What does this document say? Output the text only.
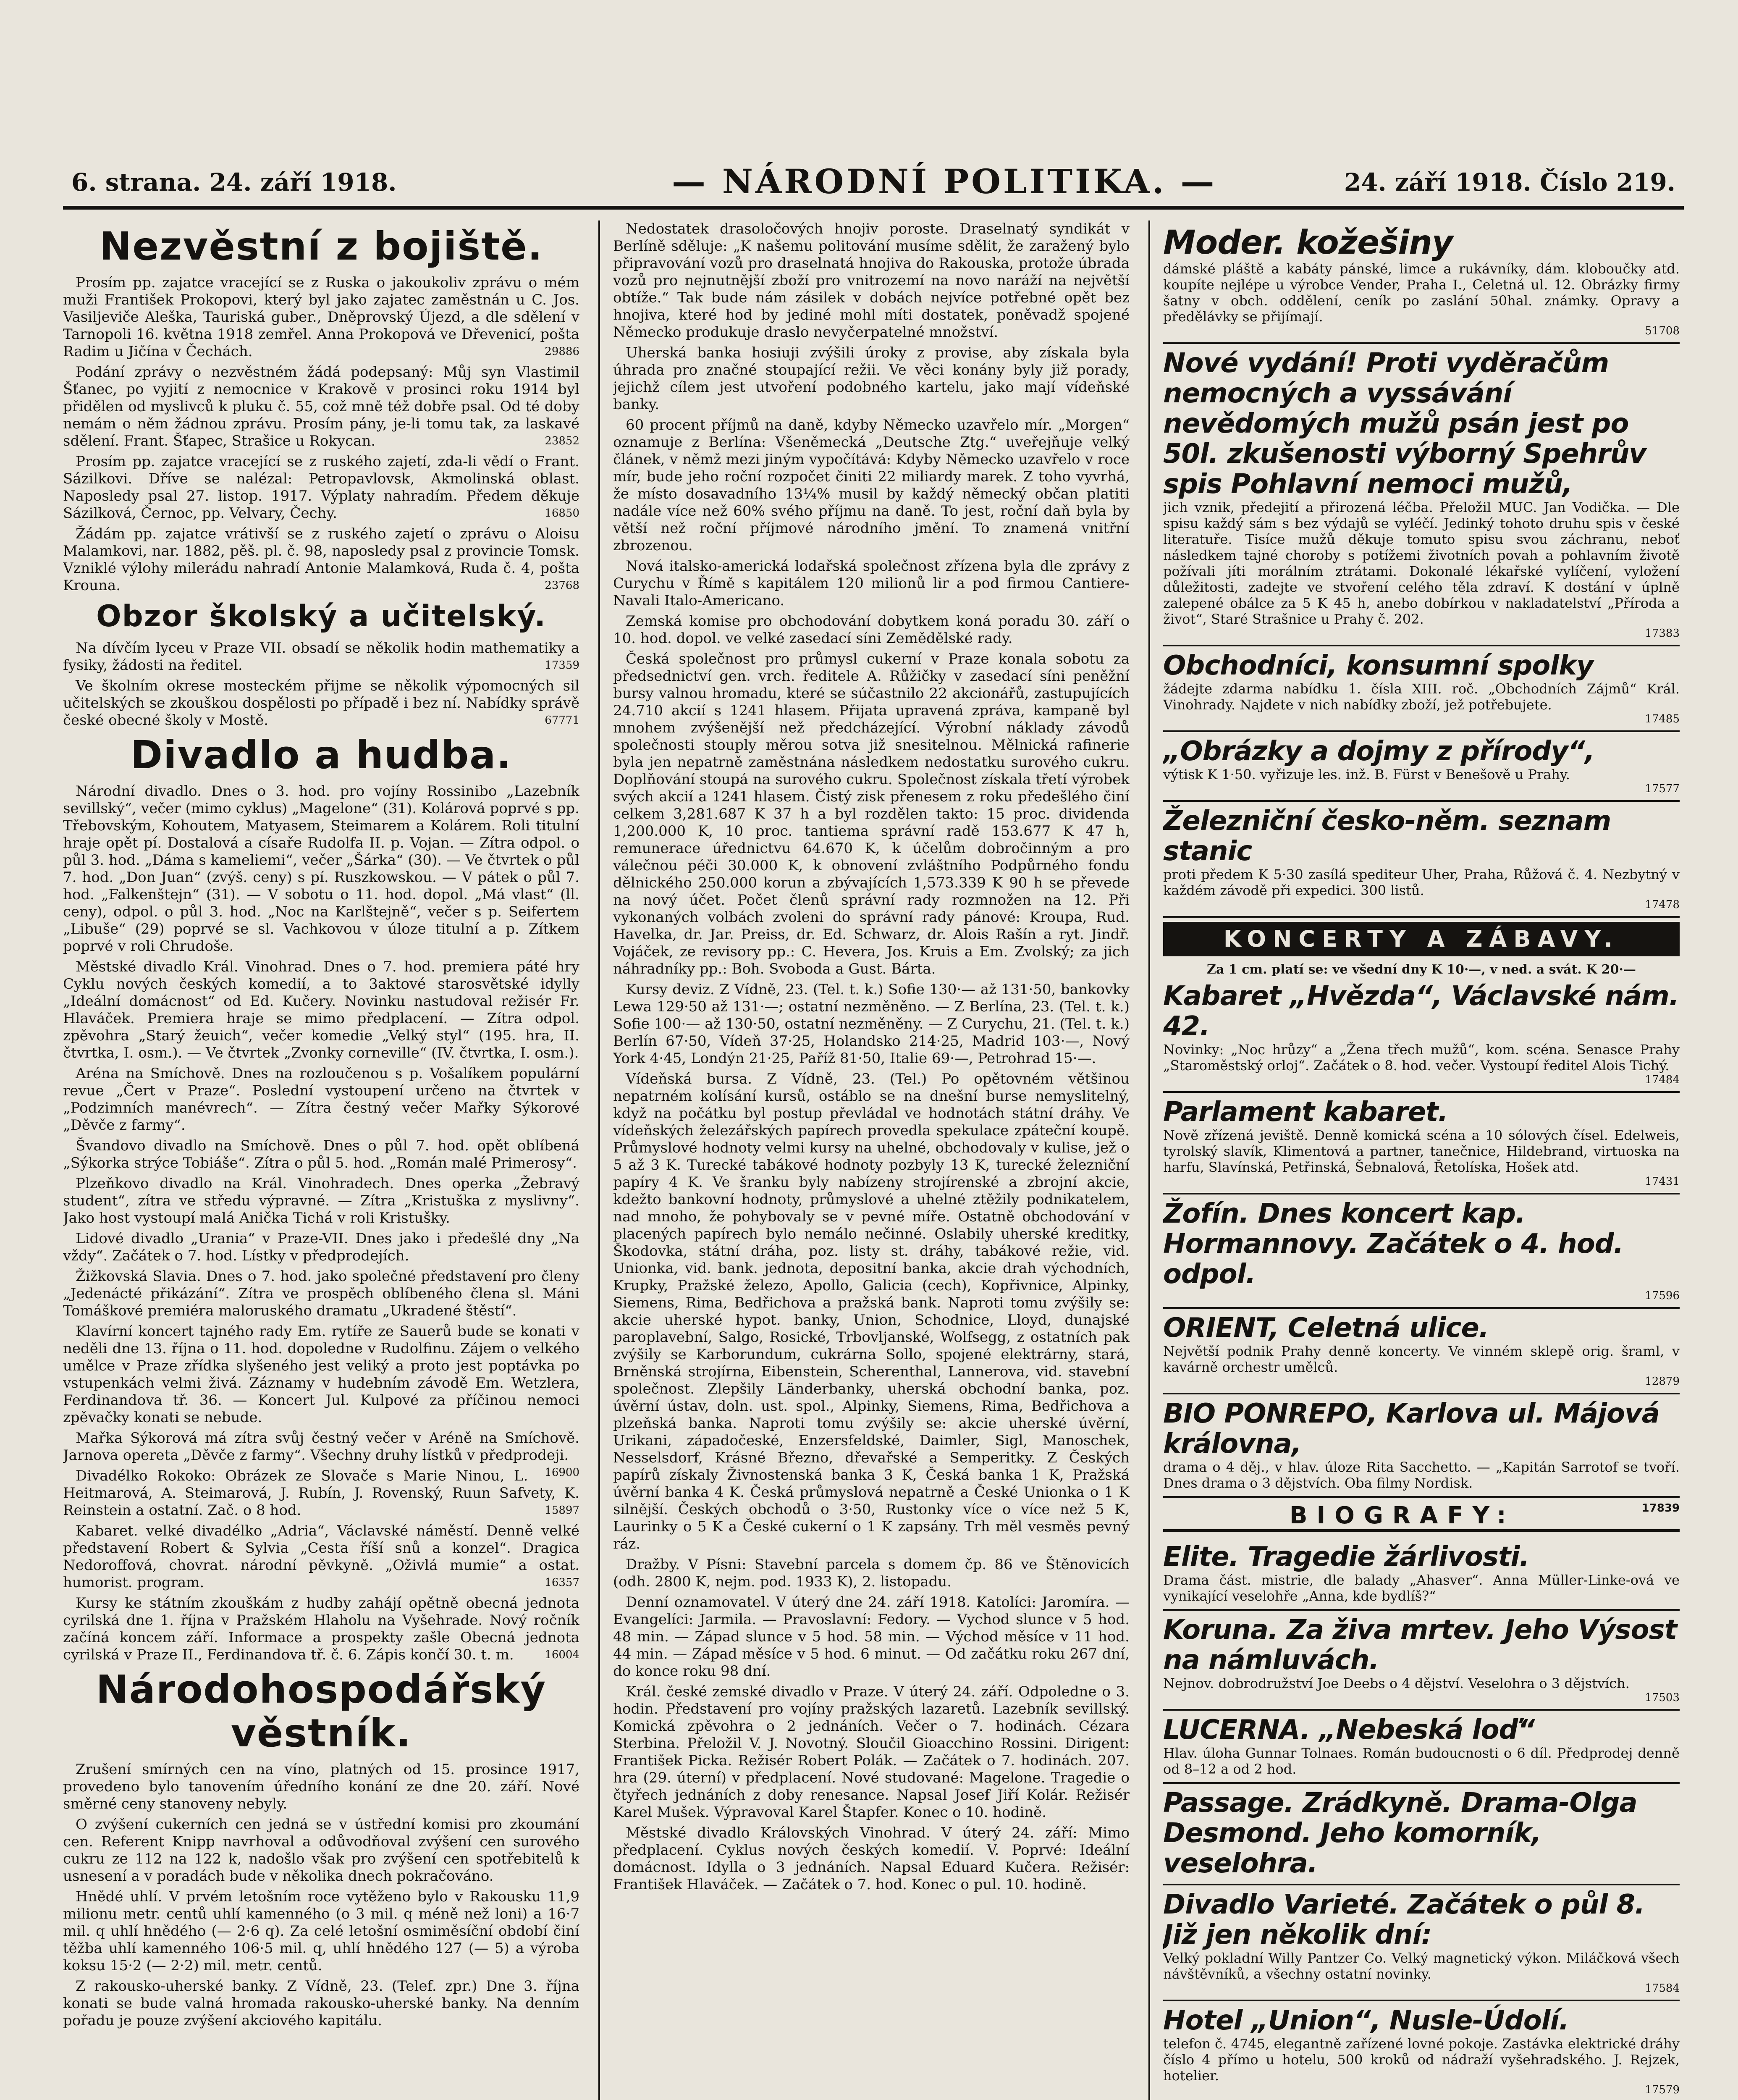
6. strana. 24. září 1918.	— NÁRODNÍ POLITIKA. —	24. září 1918. Číslo 219.
Nezvěstní z bojiště.

Prosím pp. zajatce vracející se z Ruska o jakoukoliv zprávu o mém muži František Prokopovi, který byl jako zajatec zaměstnán u C. Jos. Vasiljeviče Aleška, Tauriská guber., Dněprovský Újezd, a dle sdělení v Tarnopoli 16. května 1918 zemřel. Anna Prokopová ve Dřevenicí, pošta Radim u Jičína v Čechách.	29886

Podání zprávy o nezvěstném žádá podepsaný: Můj syn Vlastimil Šťanec, po vyjití z nemocnice v Krakově v prosinci roku 1914 byl přidělen od myslivců k pluku č. 55, což mně též dobře psal. Od té doby nemám o něm žádnou zprávu. Prosím pány, je-li tomu tak, za laskavé sdělení. Frant. Šťapec, Strašice u Rokycan.	23852

Prosím pp. zajatce vracející se z ruského zajetí, zda-li vědí o Frant. Sázilkovi. Dříve se nalézal: Petropavlovsk, Akmolinská oblast. Naposledy psal 27. listop. 1917. Výplaty nahradím. Předem děkuje Sázilková, Černoc, pp. Velvary, Čechy.	16850

Žádám pp. zajatce vrátivší se z ruského zajetí o zprávu o Aloisu Malamkovi, nar. 1882, pěš. pl. č. 98, naposledy psal z provincie Tomsk. Vzniklé výlohy milerádu nahradí Antonie Malamková, Ruda č. 4, pošta Krouna.	23768

Obzor školský a učitelský.

Na dívčím lyceu v Praze VII. obsadí se několik hodin mathematiky a fysiky, žádosti na ředitel.	17359

Ve školním okrese mosteckém přijme se několik výpomocných sil učitelských se zkouškou dospělosti po případě i bez ní. Nabídky správě české obecné školy v Mostě.	67771

Divadlo a hudba.

Národní divadlo. Dnes o 3. hod. pro vojíny Rossinibo „Lazebník sevillský“, večer (mimo cyklus) „Magelone“ (31). Kolárová poprvé s pp. Třebovským, Kohoutem, Matyasem, Steimarem a Kolárem. Roli titulní hraje opět pí. Dostalová a císaře Rudolfa II. p. Vojan. — Zítra odpol. o půl 3. hod. „Dáma s kameliemi“, večer „Šárka“ (30). — Ve čtvrtek o půl 7. hod. „Don Juan“ (zvýš. ceny) s pí. Ruszkowskou. — V pátek o půl 7. hod. „Falkenštejn“ (31). — V sobotu o 11. hod. dopol. „Má vlast“ (ll. ceny), odpol. o půl 3. hod. „Noc na Karlštejně“, večer s p. Seifertem „Libuše“ (29) poprvé se sl. Vachkovou v úloze titulní a p. Zítkem poprvé v roli Chrudoše.

Městské divadlo Král. Vinohrad. Dnes o 7. hod. premiera páté hry Cyklu nových českých komedií, a to 3aktové starosvětské idylly „Ideální domácnost“ od Ed. Kučery. Novinku nastudoval režisér Fr. Hlaváček. Premiera hraje se mimo předplacení. — Zítra odpol. zpěvohra „Starý žeuich“, večer komedie „Velký styl“ (195. hra, II. čtvrtka, I. osm.). — Ve čtvrtek „Zvonky corneville“ (IV. čtvrtka, I. osm.).

Aréna na Smíchově. Dnes na rozloučenou s p. Vošalíkem populární revue „Čert v Praze“. Poslední vystoupení určeno na čtvrtek v „Podzimních manévrech“. — Zítra čestný večer Mařky Sýkorové „Děvče z farmy“.

Švandovo divadlo na Smíchově. Dnes o půl 7. hod. opět oblíbená „Sýkorka strýce Tobiáše“. Zítra o půl 5. hod. „Román malé Primerosy“.

Plzeňkovo divadlo na Král. Vinohradech. Dnes operka „Žebravý student“, zítra ve středu výpravné. — Zítra „Kristuška z myslivny“. Jako host vystoupí malá Anička Tichá v roli Kristušky.

Lidové divadlo „Urania“ v Praze-VII. Dnes jako i předešlé dny „Na vždy“. Začátek o 7. hod. Lístky v předprodejích.

Žižkovská Slavia. Dnes o 7. hod. jako společné představení pro členy „Jedenácté přikázání“. Zítra ve prospěch oblíbeného člena sl. Máni Tomáškové premiéra maloruského dramatu „Ukradené štěstí“.

Klavírní koncert tajného rady Em. rytíře ze Sauerů bude se konati v neděli dne 13. října o 11. hod. dopoledne v Rudolfinu. Zájem o velkého umělce v Praze zřídka slyšeného jest veliký a proto jest poptávka po vstupenkách velmi živá. Záznamy v hudebním závodě Em. Wetzlera, Ferdinandova tř. 36. — Koncert Jul. Kulpové za příčinou nemoci zpěvačky konati se nebude.

Mařka Sýkorová má zítra svůj čestný večer v Aréně na Smíchově. Jarnova opereta „Děvče z farmy“. Všechny druhy lístků v předprodeji.
16900

Divadélko Rokoko: Obrázek ze Slovače s Marie Ninou, L. Heitmarová, A. Steimarová, J. Rubín, J. Rovenský, Ruun Safvety, K. Reinstein a ostatní. Zač. o 8 hod.	15897

Kabaret. velké divadélko „Adria“, Václavské náměstí. Denně velké představení Robert & Sylvia „Cesta říší snů a konzel“. Dragica Nedoroffová, chovrat. národní pěvkyně. „Oživlá mumie“ a ostat. humorist. program.	16357

Kursy ke státním zkouškám z hudby zahájí opětně obecná jednota cyrilská dne 1. října v Pražském Hlaholu na Vyšehrade. Nový ročník začíná koncem září. Informace a prospekty zašle Obecná jednota cyrilská v Praze II., Ferdinandova tř. č. 6. Zápis končí 30. t. m.	16004

Národohospodářský věstník.

Zrušení smírných cen na víno, platných od 15. prosince 1917, provedeno bylo tanovením úředního konání ze dne 20. září. Nové směrné ceny stanoveny nebyly.

O zvýšení cukerních cen jedná se v ústřední komisi pro zkoumání cen. Referent Knipp navrhoval a odůvodňoval zvýšení cen surového cukru ze 112 na 122 k, nadošlo však pro zvýšení cen spotřebitelů k usnesení a v poradách bude v několika dnech pokračováno.

Hnědé uhlí. V prvém letošním roce vytěženo bylo v Rakousku 11,9 milionu metr. centů uhlí kamenného (o 3 mil. q méně než loni) a 16·7 mil. q uhlí hnědého (— 2·6 q). Za celé letošní osmiměsíční období činí těžba uhlí kamenného 106·5 mil. q, uhlí hnědého 127 (— 5) a výroba koksu 15·2 (— 2·2) mil. metr. centů.

Z rakousko-uherské banky. Z Vídně, 23. (Telef. zpr.) Dne 3. října konati se bude valná hromada rakousko-uherské banky. Na denním pořadu je pouze zvýšení akciového kapitálu.

Nedostatek drasoločových hnojiv poroste. Draselnatý syndikát v Berlíně sděluje: „K našemu politování musíme sdělit, že zaražený bylo připravování vozů pro draselnatá hnojiva do Rakouska, protože úbrada vozů pro nejnutnější zboží pro vnitrozemí na novo naráží na největší obtíže.“ Tak bude nám zásilek v dobách nejvíce potřebné opět bez hnojiva, které hod by jediné mohl míti dostatek, poněvadž spojené Německo produkuje draslo nevyčerpatelné množství.

Uherská banka hosiuji zvýšili úroky z provise, aby získala byla úhrada pro značné stoupající režii. Ve věci konány byly již porady, jejichž cílem jest utvoření podobného kartelu, jako mají vídeňské banky.

60 procent příjmů na daně, kdyby Německo uzavřelo mír. „Morgen“ oznamuje z Berlína: Všeněmecká „Deutsche Ztg.“ uveřejňuje velký článek, v němž mezi jiným vypočítává: Kdyby Německo uzavřelo v roce mír, bude jeho roční rozpočet činiti 22 miliardy marek. Z toho vyvrhá, že místo dosavadního 13¼% musil by každý německý občan platiti nadále více než 60% svého příjmu na daně. To jest, roční daň byla by větší než roční příjmové národního jmění. To znamená vnitřní zbrozenou.

Nová italsko-americká lodařská společnost zřízena byla dle zprávy z Curychu v Římě s kapitálem 120 milionů lir a pod firmou Cantiere-Navali Italo-Americano.

Zemská komise pro obchodování dobytkem koná poradu 30. září o 10. hod. dopol. ve velké zasedací síni Zemědělské rady.

Česká společnost pro průmysl cukerní v Praze konala sobotu za předsednictví gen. vrch. ředitele A. Růžičky v zasedací síni peněžní bursy valnou hromadu, které se súčastnilo 22 akcionářů, zastupujících 24.710 akcií s 1241 hlasem. Přijata upravená zpráva, kampaně byl mnohem zvýšenější než předcházející. Výrobní náklady závodů společnosti stouply měrou sotva již snesitelnou. Mělnická rafinerie byla jen nepatrně zaměstnána následkem nedostatku surového cukru. Doplňování stoupá na surového cukru. Společnost získala třetí výrobek svých akcií a 1241 hlasem. Čistý zisk přenesem z roku předešlého činí celkem 3,281.687 K 37 h a byl rozdělen takto: 15 proc. dividenda 1,200.000 K, 10 proc. tantiema správní radě 153.677 K 47 h, remunerace úřednictvu 64.670 K, k účelům dobročinným a pro válečnou péči 30.000 K, k obnovení zvláštního Podpůrného fondu dělnického 250.000 korun a zbývajících 1,573.339 K 90 h se převede na nový účet. Počet členů správní rady rozmnožen na 12. Při vykonaných volbách zvoleni do správní rady pánové: Kroupa, Rud. Havelka, dr. Jar. Preiss, dr. Ed. Schwarz, dr. Alois Rašín a ryt. Jindř. Vojáček, ze revisory pp.: C. Hevera, Jos. Kruis a Em. Zvolský; za jich náhradníky pp.: Boh. Svoboda a Gust. Bárta.

Kursy deviz. Z Vídně, 23. (Tel. t. k.) Sofie 130·— až 131·50, bankovky Lewa 129·50 až 131·—; ostatní nezměněno. — Z Berlína, 23. (Tel. t. k.) Sofie 100·— až 130·50, ostatní nezměněny. — Z Curychu, 21. (Tel. t. k.) Berlín 67·50, Vídeň 37·25, Holandsko 214·25, Madrid 103·—, Nový York 4·45, Londýn 21·25, Paříž 81·50, Italie 69·—, Petrohrad 15·—.

Vídeňská bursa. Z Vídně, 23. (Tel.) Po opětovném většinou nepatrném kolísání kursů, ostáblo se na dnešní burse nemyslitelný, když na počátku byl postup převládal ve hodnotách státní dráhy. Ve vídeňských železářských papírech provedla spekulace zpáteční koupě. Průmyslové hodnoty velmi kursy na uhelné, obchodovaly v kulise, jež o 5 až 3 K. Turecké tabákové hodnoty pozbyly 13 K, turecké železniční papíry 4 K. Ve šranku byly nabízeny strojírenské a zbrojní akcie, kdežto bankovní hodnoty, průmyslové a uhelné ztěžily podnikatelem, nad mnoho, že pohybovaly se v pevné míře. Ostatně obchodování v placených papírech bylo nemálo nečinné. Oslabily uherské kreditky, Škodovka, státní dráha, poz. listy st. dráhy, tabákové režie, vid. Unionka, vid. bank. jednota, depositní banka, akcie drah východních, Krupky, Pražské železo, Apollo, Galicia (cech), Kopřivnice, Alpinky, Siemens, Rima, Bedřichova a pražská bank. Naproti tomu zvýšily se: akcie uherské hypot. banky, Union, Schodnice, Lloyd, dunajské paroplavební, Salgo, Rosické, Trbovljanské, Wolfsegg, z ostatních pak zvýšily se Karborundum, cukrárna Sollo, spojené elektrárny, stará, Brněnská strojírna, Eibenstein, Scherenthal, Lannerova, vid. stavební společnost. Zlepšily Länderbanky, uherská obchodní banka, poz. úvěrní ústav, doln. ust. spol., Alpinky, Siemens, Rima, Bedřichova a plzeňská banka. Naproti tomu zvýšily se: akcie uherské úvěrní, Urikani, západočeské, Enzersfeldské, Daimler, Sigl, Manoschek, Nesselsdorf, Krásné Březno, dřevařské a Semperitky. Z Českých papírů získaly Živnostenská banka 3 K, Česká banka 1 K, Pražská úvěrní banka 4 K. Česká průmyslová nepatrně a České Unionka o 1 K silnější. Českých obchodů o 3·50, Rustonky více o více než 5 K, Laurinky o 5 K a České cukerní o 1 K zapsány. Trh měl vesměs pevný ráz.

Dražby. V Písni: Stavební parcela s domem čp. 86 ve Štěnovicích (odh. 2800 K, nejm. pod. 1933 K), 2. listopadu.

Denní oznamovatel. V úterý dne 24. září 1918. Katolíci: Jaromíra. — Evangelíci: Jarmila. — Pravoslavní: Fedory. — Vychod slunce v 5 hod. 48 min. — Západ slunce v 5 hod. 58 min. — Východ měsíce v 11 hod. 44 min. — Západ měsíce v 5 hod. 6 minut. — Od začátku roku 267 dní, do konce roku 98 dní.

Král. české zemské divadlo v Praze. V úterý 24. září. Odpoledne o 3. hodin. Představení pro vojíny pražských lazaretů. Lazebník sevillský. Komická zpěvohra o 2 jednáních. Večer o 7. hodinách. Cézara Sterbina. Přeložil V. J. Novotný. Sloučil Gioacchino Rossini. Dirigent: František Picka. Režisér Robert Polák. — Začátek o 7. hodinách. 207. hra (29. úterní) v předplacení. Nové studované: Magelone. Tragedie o čtyřech jednáních z doby renesance. Napsal Josef Jiří Kolár. Režisér Karel Mušek. Výpravoval Karel Štapfer. Konec o 10. hodině.

Městské divadlo Královských Vinohrad. V úterý 24. září: Mimo předplacení. Cyklus nových českých komedií. V. Poprvé: Ideální domácnost. Idylla o 3 jednáních. Napsal Eduard Kučera. Režisér: František Hlaváček. — Začátek o 7. hod. Konec o pul. 10. hodině.

Moder. kožešiny
dámské pláště a kabáty pánské, limce a rukávníky, dám. kloboučky atd. koupíte nejlépe u výrobce Vender, Praha I., Celetná ul. 12. Obrázky firmy šatny v obch. oddělení, ceník po zaslání 50hal. známky. Opravy a předělávky se přijímají.
51708
Nové vydání! Proti vyděračům nemocných a vyssávání nevědomých mužů psán jest po 50l. zkušenosti výborný Spehrův spis Pohlavní nemoci mužů,
jich vznik, předejití a přirozená léčba. Přeložil MUC. Jan Vodička. — Dle spisu každý sám s bez výdajů se vyléčí. Jedinký tohoto druhu spis v české literatuře. Tisíce mužů děkuje tomuto spisu svou záchranu, neboť následkem tajné choroby s potížemi životních povah a pohlavním životě požívali jíti morálním ztrátami. Dokonalé lékařské vylíčení, vyložení důležitosti, zadejte ve stvoření celého těla zdraví. K dostání v úplně zalepené obálce za 5 K 45 h, anebo dobírkou v nakladatelství „Příroda a život“, Staré Strašnice u Prahy č. 202.
17383
Obchodníci, konsumní spolky
žádejte zdarma nabídku 1. čísla XIII. roč. „Obchodních Zájmů“ Král. Vinohrady. Najdete v nich nabídky zboží, jež potřebujete.
17485
„Obrázky a dojmy z přírody“,
výtisk K 1·50. vyřizuje les. inž. B. Fürst v Benešově u Prahy.
17577
Železniční česko-něm. seznam stanic
proti předem K 5·30 zasílá spediteur Uher, Praha, Růžová č. 4. Nezbytný v každém závodě při expedici. 300 listů.
17478
KONCERTY A ZÁBAVY.
Za 1 cm. platí se: ve všední dny K 10·—, v ned. a svát. K 20·—
Kabaret „Hvězda“, Václavské nám. 42.
Novinky: „Noc hrůzy“ a „Žena třech mužů“, kom. scéna. Senasce Prahy „Staroměstský orloj“. Začátek o 8. hod. večer. Vystoupí ředitel Alois Tichý.
17484
Parlament kabaret.
Nově zřízená jeviště. Denně komická scéna a 10 sólových čísel. Edelweis, tyrolský slavík, Klimentová a partner, tanečnice, Hildebrand, virtuoska na harfu, Slavínská, Petřinská, Šebnalová, Řetolíska, Hošek atd.
17431
Žofín. Dnes koncert kap. Hormannovy. Začátek o 4. hod. odpol.
17596
ORIENT, Celetná ulice.
Největší podnik Prahy denně koncerty. Ve vinném sklepě orig. šraml, v kavárně orchestr umělců.
12879
BIO PONREPO, Karlova ul. Májová královna,
drama o 4 děj., v hlav. úloze Rita Sacchetto. — „Kapitán Sarrotof se tvoří. Dnes drama o 3 dějstvích. Oba filmy Nordisk.
BIOGRAFY:	17839
Elite. Tragedie žárlivosti.
Drama část. mistrie, dle balady „Ahasver“. Anna Müller-Linke-ová ve vynikající veselohře „Anna, kde bydlíš?“
Koruna. Za živa mrtev. Jeho Výsost na námluvách.
Nejnov. dobrodružství Joe Deebs o 4 dějství. Veselohra o 3 dějstvích.
17503
LUCERNA. „Nebeská loď“
Hlav. úloha Gunnar Tolnaes. Román budoucnosti o 6 díl. Předprodej denně od 8–12 a od 2 hod.
Passage. Zrádkyně. Drama-Olga Desmond. Jeho komorník, veselohra.
Divadlo Varieté. Začátek o půl 8. Již jen několik dní:
Velký pokladní Willy Pantzer Co. Velký magnetický výkon. Miláčková všech návštěvníků, a všechny ostatní novinky.
17584
Hotel „Union“, Nusle-Údolí.
telefon č. 4745, elegantně zařízené lovné pokoje. Zastávka elektrické dráhy číslo 4 přímo u hotelu, 500 kroků od nádraží vyšehradského. J. Rejzek, hotelier.
17579
